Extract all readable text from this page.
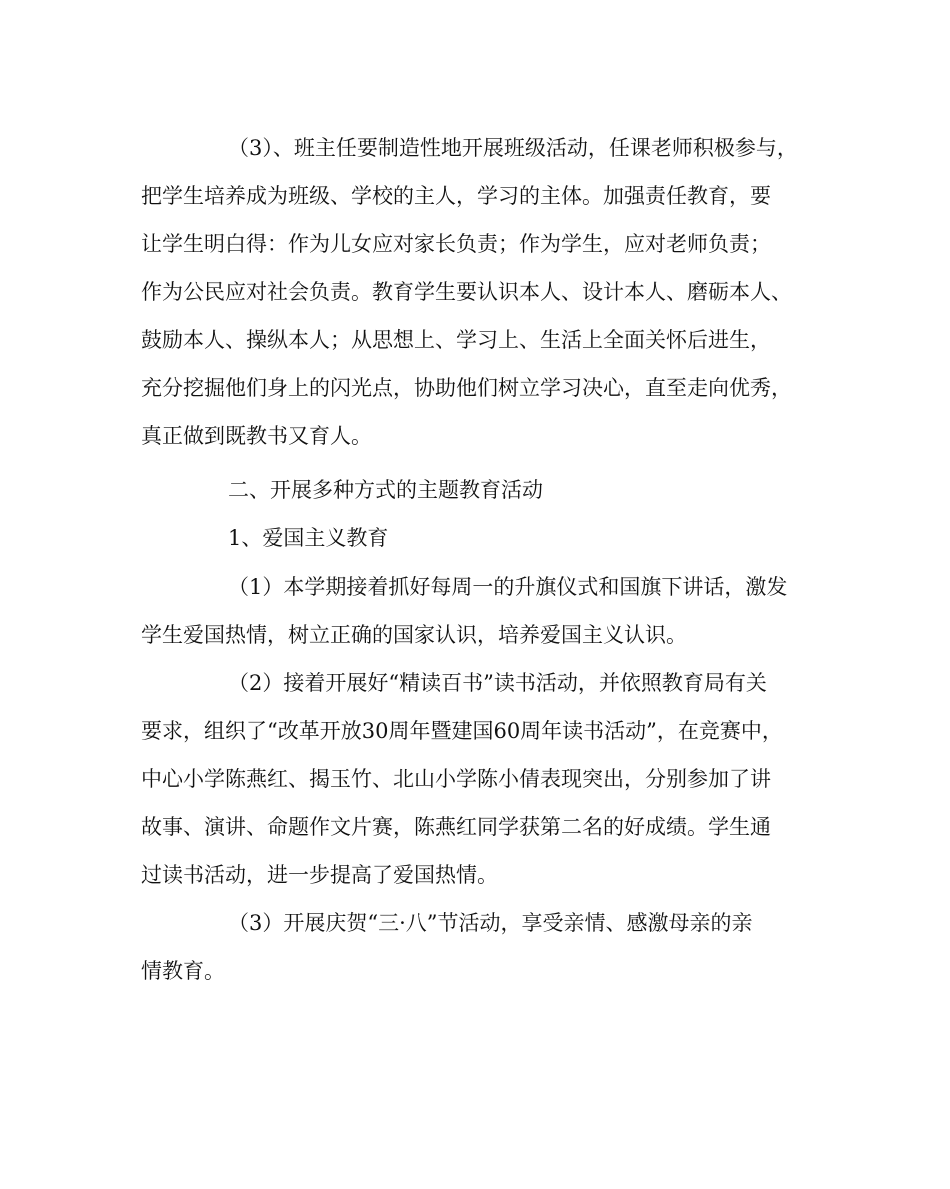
（3）、班主任要制造性地开展班级活动，任课老师积极参与，
把学生培养成为班级、学校的主人，学习的主体。加强责任教育，要
让学生明白得：作为儿女应对家长负责；作为学生，应对老师负责；
作为公民应对社会负责。教育学生要认识本人、设计本人、磨砺本人、
鼓励本人、操纵本人；从思想上、学习上、生活上全面关怀后进生，
充分挖掘他们身上的闪光点，协助他们树立学习决心，直至走向优秀，
真正做到既教书又育人。
二、开展多种方式的主题教育活动
1、爱国主义教育
（1）本学期接着抓好每周一的升旗仪式和国旗下讲话，激发
学生爱国热情，树立正确的国家认识，培养爱国主义认识。
（2）接着开展好“精读百书”读书活动，并依照教育局有关
要求，组织了“改革开放30周年暨建国60周年读书活动”，在竞赛中，
中心小学陈燕红、揭玉竹、北山小学陈小倩表现突出，分别参加了讲
故事、演讲、命题作文片赛，陈燕红同学获第二名的好成绩。学生通
过读书活动，进一步提高了爱国热情。
（3）开展庆贺“三·八”节活动，享受亲情、感激母亲的亲
情教育。
